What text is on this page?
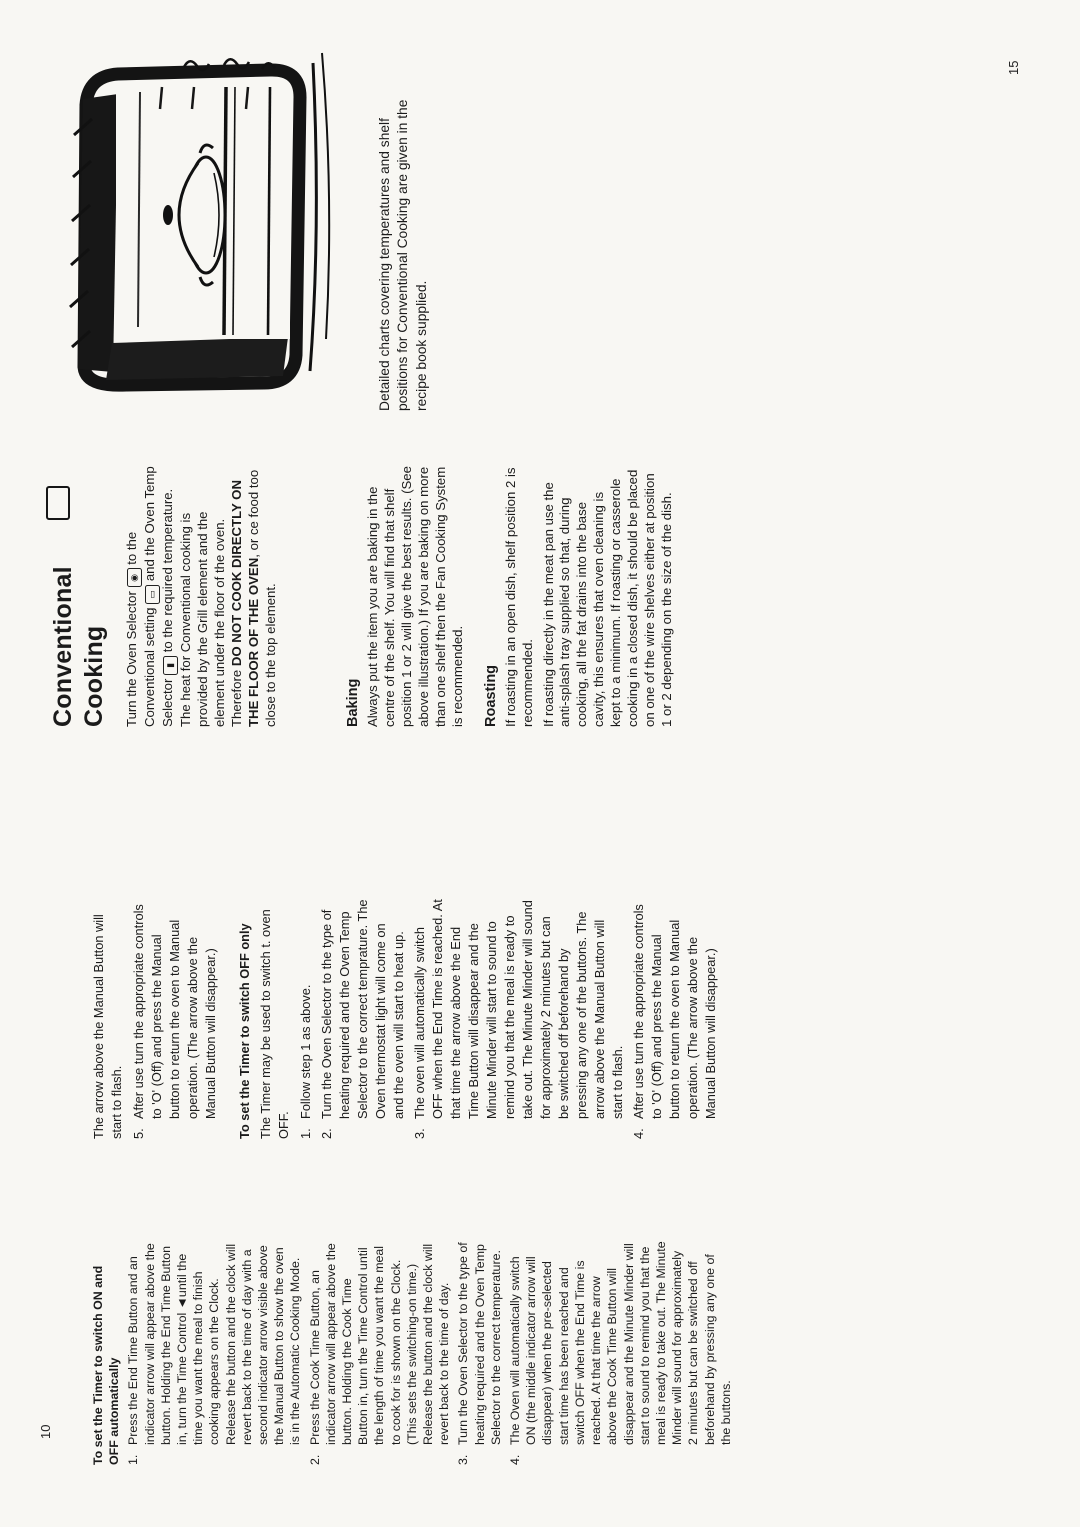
10	To set the Timer to switch ON and OFF automatically 1.
Press the End Time Button and an indicator arrow will appear above the button. Holding the End Time Button in, turn the Time Control ◄until the time you want the meal to finish cooking appears on the Clock. Release the button and the clock will revert back to the time of day with a second indicator arrow visible above the Manual Button to show the oven is in the Automatic Cooking Mode.
2.
Press the Cook Time Button, an indicator arrow will appear above the button. Holding the Cook Time Button in, turn the Time Control until the length of time you want the meal to cook for is shown on the Clock. (This sets the switching-on time.) Release the button and the clock will revert back to the time of day.
3.
Turn the Oven Selector to the type of heating required and the Oven Temp Selector to the correct temperature.
4.
The Oven will automatically switch ON (the middle indicator arrow will disappear) when the pre-selected start time has been reached and switch OFF when the End Time is reached. At that time the arrow above the Cook Time Button will disappear and the Minute Minder will start to sound to remind you that the meal is ready to take out. The Minute Minder will sound for approximately 2 minutes but can be switched off beforehand by pressing any one of the buttons.

The arrow above the Manual Button will start to flash. 5.
After use turn the appropriate controls to 'O' (Off) and press the Manual button to return the oven to Manual operation. (The arrow above the Manual Button will disappear.) To set the Timer to switch OFF only The Timer may be used to switch t. oven OFF. 1.
Follow step 1 as above.
2.
Turn the Oven Selector to the type of heating required and the Oven Temp Selector to the correct temprature. The Oven thermostat light will come on and the oven will start to heat up.
3.
The oven will automatically switch OFF when the End Time is reached. At that time the arrow above the End Time Button will disappear and the Minute Minder will start to sound to remind you that the meal is ready to take out. The Minute Minder will sound for approximately 2 minutes but can be switched off beforehand by pressing any one of the buttons. The arrow above the Manual Button will start to flash.
4.
After use turn the appropriate controls to 'O' (Off) and press the Manual button to return the oven to Manual operation. (The arrow above the Manual Button will disappear.)
Conventional Cooking Turn the Oven Selector ◉ to the Conventional setting ▭ and the Oven Temp Selector ▮ to the required temperature. The heat for Conventional cooking is provided by the Grill element and the element under the floor of the oven. Therefore DO NOT COOK DIRECTLY ON THE FLOOR OF THE OVEN, or ce food too close to the top element.	Baking Always put the item you are baking in the centre of the shelf. You will find that shelf position 1 or 2 will give the best results. (See above illustration.) If you are baking on more than one shelf then the Fan Cooking System is recommended. Roasting If roasting in an open dish, shelf position 2 is recommended. If roasting directly in the meat pan use the anti-splash tray supplied so that, during cooking, all the fat drains into the base cavity, this ensures that oven cleaning is kept to a minimum. If roasting or casserole cooking in a closed dish, it should be placed on one of the wire shelves either at position 1 or 2 depending on the size of the dish.

Detailed charts covering temperatures and shelf positions for Conventional Cooking are given in the recipe book supplied.

15
